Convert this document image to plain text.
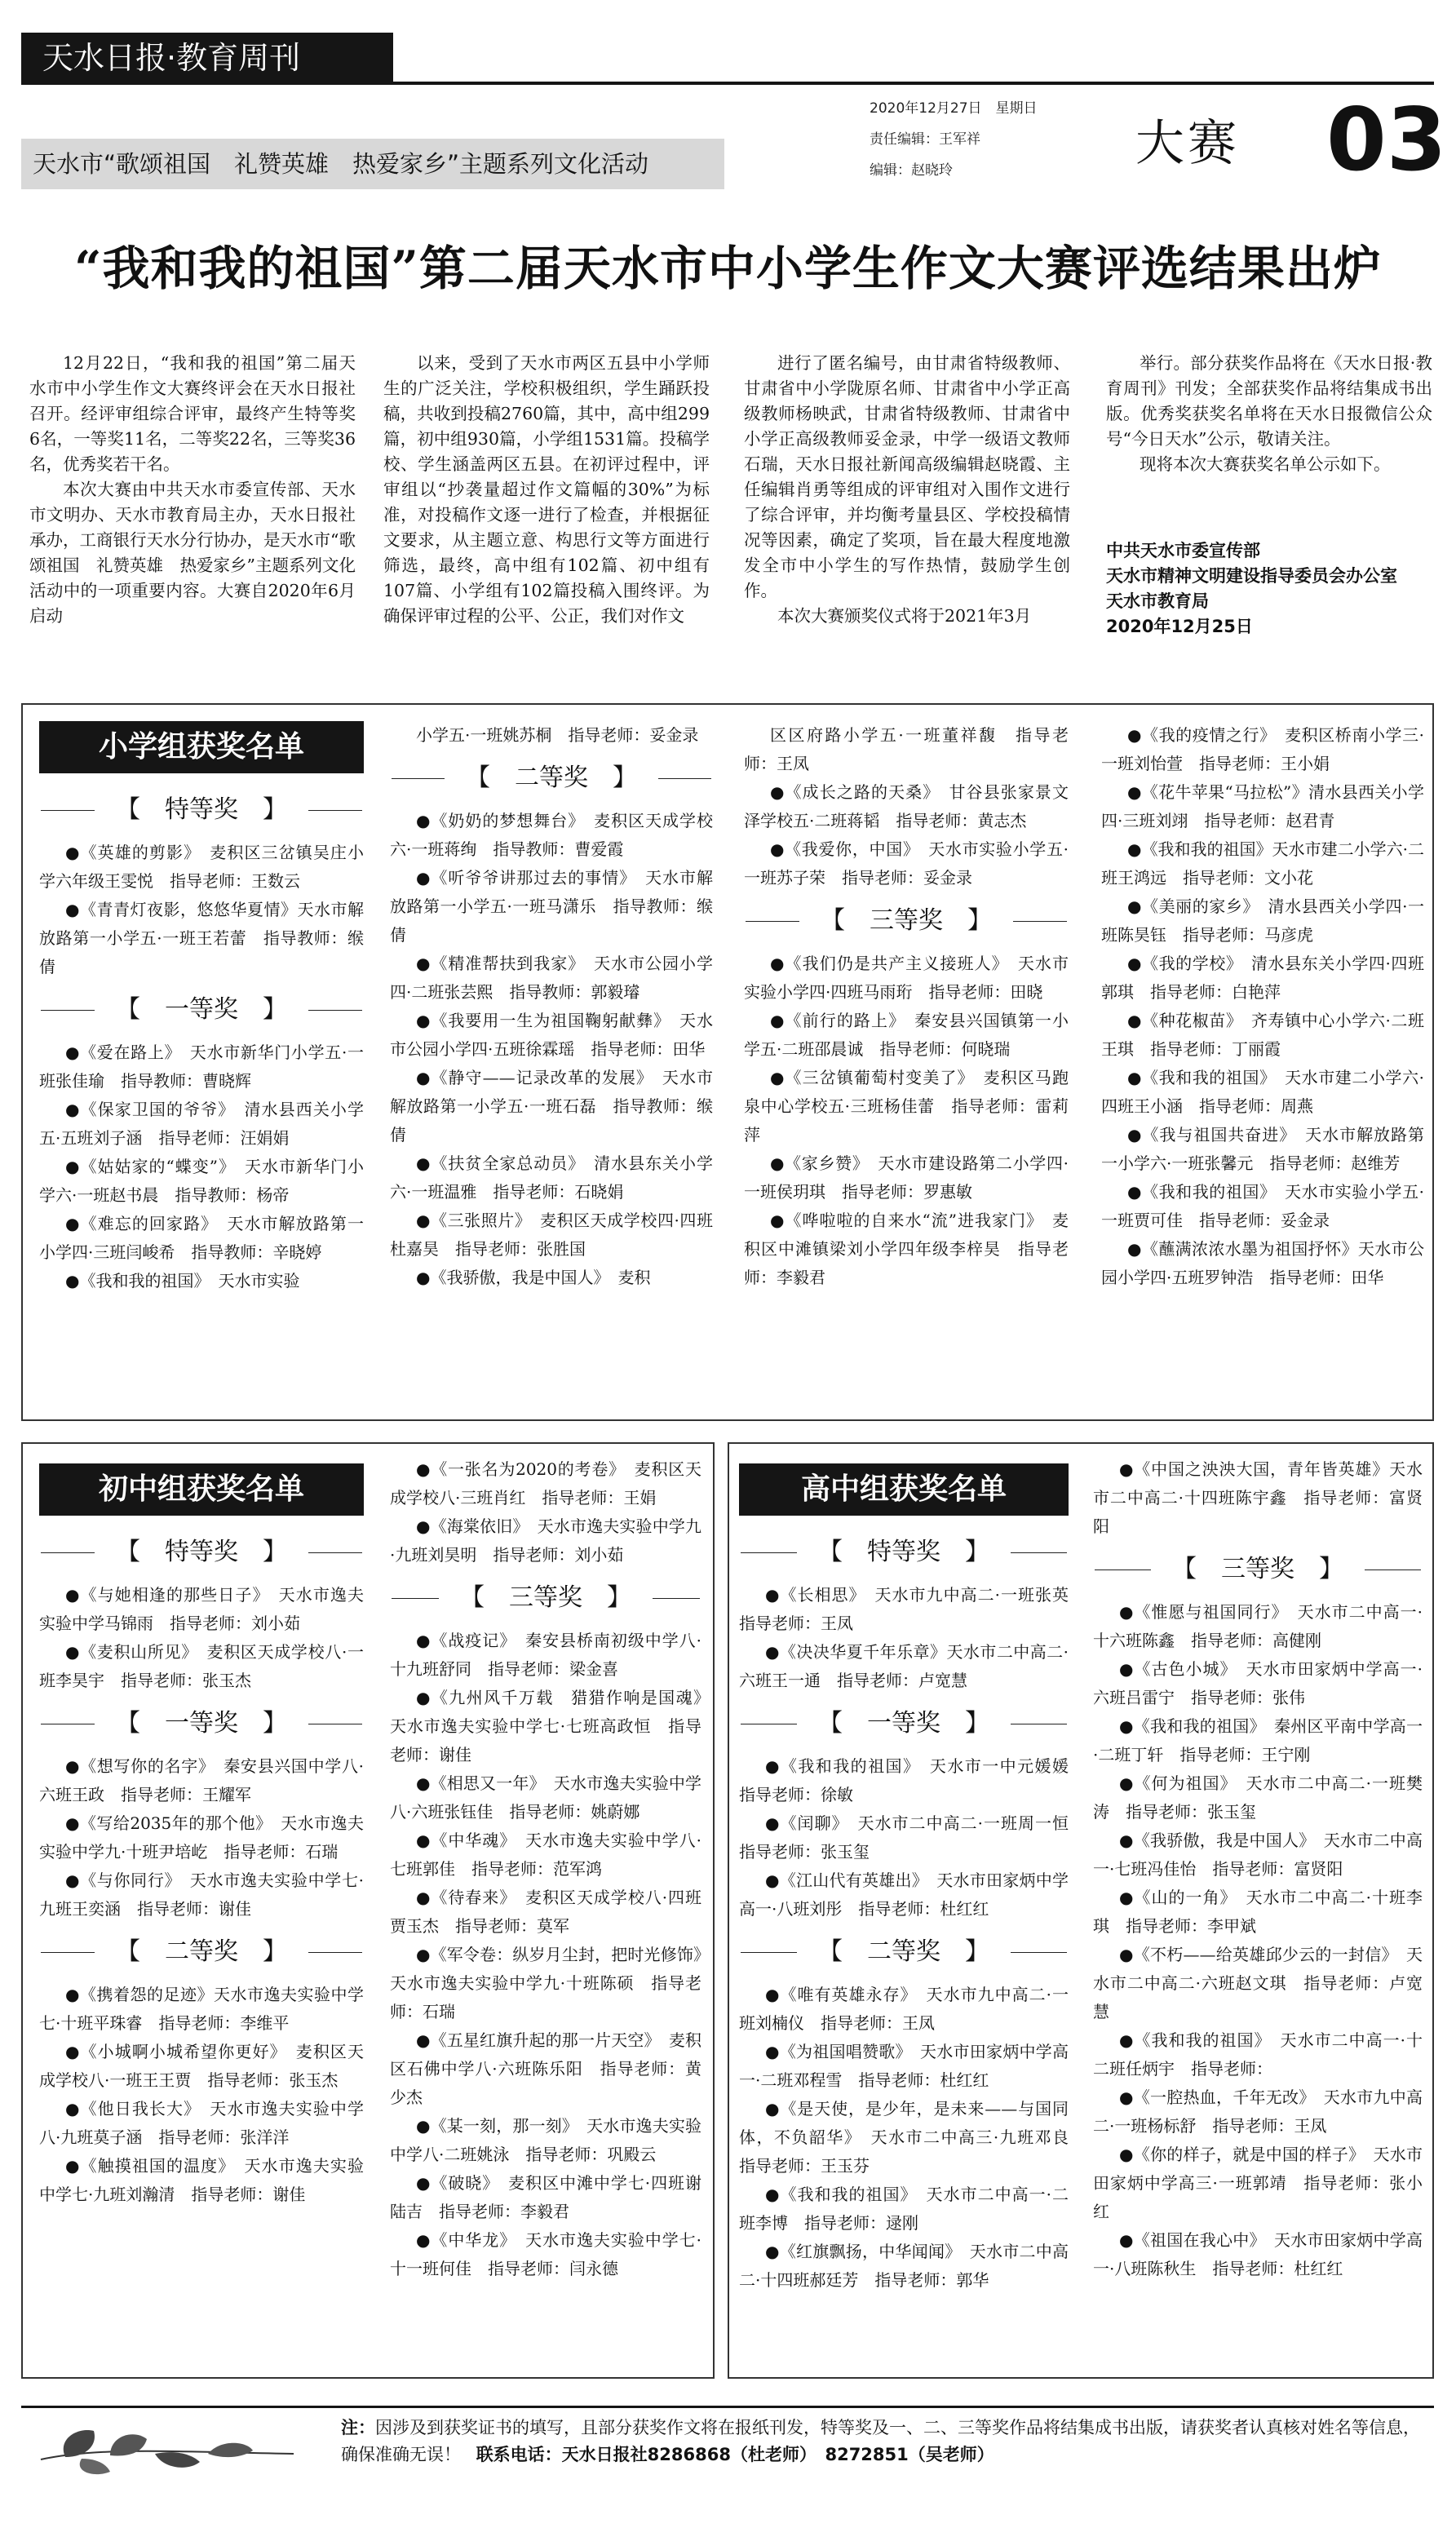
天水日报·教育周刊
天水市“歌颂祖国　礼赞英雄　热爱家乡”主题系列文化活动
2020年12月27日　星期日
责任编辑：王军祥
编辑：赵晓玲	大赛 03
“我和我的祖国”第二届天水市中小学生作文大赛评选结果出炉

12月22日，“我和我的祖国”第二届天水市中小学生作文大赛终评会在天水日报社召开。经评审组综合评审，最终产生特等奖6名，一等奖11名，二等奖22名，三等奖36名，优秀奖若干名。

本次大赛由中共天水市委宣传部、天水市文明办、天水市教育局主办，天水日报社承办，工商银行天水分行协办，是天水市“歌颂祖国　礼赞英雄　热爱家乡”主题系列文化活动中的一项重要内容。大赛自2020年6月启动

以来，受到了天水市两区五县中小学师生的广泛关注，学校积极组织，学生踊跃投稿，共收到投稿2760篇，其中，高中组299篇，初中组930篇，小学组1531篇。投稿学校、学生涵盖两区五县。在初评过程中，评审组以“抄袭量超过作文篇幅的30%”为标准，对投稿作文逐一进行了检查，并根据征文要求，从主题立意、构思行文等方面进行筛选，最终，高中组有102篇、初中组有107篇、小学组有102篇投稿入围终评。为确保评审过程的公平、公正，我们对作文

进行了匿名编号，由甘肃省特级教师、甘肃省中小学陇原名师、甘肃省中小学正高级教师杨映武，甘肃省特级教师、甘肃省中小学正高级教师妥金录，中学一级语文教师石瑞，天水日报社新闻高级编辑赵晓霞、主任编辑肖勇等组成的评审组对入围作文进行了综合评审，并均衡考量县区、学校投稿情况等因素，确定了奖项，旨在最大程度地激发全市中小学生的写作热情，鼓励学生创作。

本次大赛颁奖仪式将于2021年3月

举行。部分获奖作品将在《天水日报·教育周刊》刊发；全部获奖作品将结集成书出版。优秀奖获奖名单将在天水日报微信公众号“今日天水”公示，敬请关注。

现将本次大赛获奖名单公示如下。

中共天水市委宣传部

天水市精神文明建设指导委员会办公室

天水市教育局

2020年12月25日

小学组获奖名单
【　特等奖　】

●《英雄的剪影》　麦积区三岔镇吴庄小学六年级王雯悦　指导老师：王数云

●《青青灯夜影，悠悠华夏情》天水市解放路第一小学五·一班王若蕾　指导教师：缑倩

【　一等奖　】

●《爱在路上》　天水市新华门小学五·一班张佳瑜　指导教师：曹晓辉

●《保家卫国的爷爷》　清水县西关小学五·五班刘子涵　指导老师：汪娟娟

●《姑姑家的“蝶变”》　天水市新华门小学六·一班赵书晨　指导教师：杨帝

●《难忘的回家路》　天水市解放路第一小学四·三班闫峻希　指导教师：辛晓婷

●《我和我的祖国》　天水市实验

小学五·一班姚苏桐　指导老师：妥金录

【　二等奖　】

●《奶奶的梦想舞台》　麦积区天成学校六·一班蒋绚　指导教师：曹爱霞

●《听爷爷讲那过去的事情》　天水市解放路第一小学五·一班马潇乐　指导教师：缑倩

●《精准帮扶到我家》　天水市公园小学四·二班张芸熙　指导教师：郭毅璿

●《我要用一生为祖国鞠躬献彝》　天水市公园小学四·五班徐霖瑶　指导老师：田华

●《静守——记录改革的发展》　天水市解放路第一小学五·一班石磊　指导教师：缑倩

●《扶贫全家总动员》　清水县东关小学六·一班温雅　指导老师：石晓娟

●《三张照片》　麦积区天成学校四·四班杜嘉昊　指导老师：张胜国

●《我骄傲，我是中国人》　麦积

区区府路小学五·一班董祥馥　指导老师：王凤

●《成长之路的天桑》　甘谷县张家景文泽学校五·二班蒋韬　指导老师：黄志杰

●《我爱你，中国》　天水市实验小学五·一班苏子荣　指导老师：妥金录

【　三等奖　】

●《我们仍是共产主义接班人》　天水市实验小学四·四班马雨珩　指导老师：田晓

●《前行的路上》　秦安县兴国镇第一小学五·二班邵晨诚　指导老师：何晓瑞

●《三岔镇葡萄村变美了》　麦积区马跑泉中心学校五·三班杨佳蕾　指导老师：雷莉萍

●《家乡赞》　天水市建设路第二小学四·一班侯玥琪　指导老师：罗惠敏

●《哗啦啦的自来水“流”进我家门》　麦积区中滩镇梁刘小学四年级李梓昊　指导老师：李毅君

●《我的疫情之行》　麦积区桥南小学三·一班刘怡萱　指导老师：王小娟

●《花牛苹果“马拉松”》清水县西关小学四·三班刘翊　指导老师：赵君青

●《我和我的祖国》天水市建二小学六·二班王鸿远　指导老师：文小花

●《美丽的家乡》　清水县西关小学四·一班陈昊钰　指导老师：马彦虎

●《我的学校》　清水县东关小学四·四班郭琪　指导老师：白艳萍

●《种花椒苗》　齐寿镇中心小学六·二班王琪　指导老师：丁丽霞

●《我和我的祖国》　天水市建二小学六·四班王小涵　指导老师：周燕

●《我与祖国共奋进》　天水市解放路第一小学六·一班张馨元　指导老师：赵维芳

●《我和我的祖国》　天水市实验小学五·一班贾可佳　指导老师：妥金录

●《蘸满浓浓水墨为祖国抒怀》天水市公园小学四·五班罗钟浩　指导老师：田华

初中组获奖名单
【　特等奖　】

●《与她相逢的那些日子》　天水市逸夫实验中学马锦雨　指导老师：刘小茹

●《麦积山所见》　麦积区天成学校八·一班李昊宇　指导老师：张玉杰

【　一等奖　】

●《想写你的名字》　秦安县兴国中学八·六班王政　指导老师：王耀军

●《写给2035年的那个他》　天水市逸夫实验中学九·十班尹培屹　指导老师：石瑞

●《与你同行》　天水市逸夫实验中学七·九班王奕涵　指导老师：谢佳

【　二等奖　】

●《携着怨的足迹》天水市逸夫实验中学七·十班平珠睿　指导老师：李维平

●《小城啊小城希望你更好》　麦积区天成学校八·一班王王贾　指导老师：张玉杰

●《他日我长大》　天水市逸夫实验中学八·九班莫子涵　指导老师：张洋洋

●《触摸祖国的温度》　天水市逸夫实验中学七·九班刘瀚清　指导老师：谢佳

●《一张名为2020的考卷》　麦积区天成学校八·三班肖红　指导老师：王娟

●《海棠依旧》　天水市逸夫实验中学九·九班刘昊明　指导老师：刘小茹

【　三等奖　】

●《战疫记》　秦安县桥南初级中学八·十九班舒同　指导老师：梁金喜

●《九州风千万载　猎猎作响是国魂》　天水市逸夫实验中学七·七班高政恒　指导老师：谢佳

●《相思又一年》　天水市逸夫实验中学八·六班张钰佳　指导老师：姚蔚娜

●《中华魂》　天水市逸夫实验中学八·七班郭佳　指导老师：范军鸿

●《待春来》　麦积区天成学校八·四班贾玉杰　指导老师：莫军

●《军令卷：纵岁月尘封，把时光修饰》　天水市逸夫实验中学九·十班陈硕　指导老师：石瑞

●《五星红旗升起的那一片天空》　麦积区石佛中学八·六班陈乐阳　指导老师：黄少杰

●《某一刻，那一刻》　天水市逸夫实验中学八·二班姚泳　指导老师：巩殿云

●《破晓》　麦积区中滩中学七·四班谢陆吉　指导老师：李毅君

●《中华龙》　天水市逸夫实验中学七·十一班何佳　指导老师：闫永德

高中组获奖名单
【　特等奖　】

●《长相思》　天水市九中高二·一班张英　指导老师：王凤

●《决决华夏千年乐章》天水市二中高二·六班王一通　指导老师：卢宽慧

【　一等奖　】

●《我和我的祖国》　天水市一中元媛媛　指导老师：徐敏

●《闰聊》　天水市二中高二·一班周一恒　指导老师：张玉玺

●《江山代有英雄出》　天水市田家炳中学高一·八班刘彤　指导老师：杜红红

【　二等奖　】

●《唯有英雄永存》　天水市九中高二·一班刘楠仪　指导老师：王凤

●《为祖国唱赞歌》　天水市田家炳中学高一·二班邓程雪　指导老师：杜红红

●《是天使，是少年，是未来——与国同体，不负韶华》　天水市二中高三·九班邓良　指导老师：王玉芬

●《我和我的祖国》　天水市二中高一·二班李博　指导老师：逯刚

●《红旗飘扬，中华闻闻》　天水市二中高二·十四班郝廷芳　指导老师：郭华

●《中国之泱泱大国，青年皆英雄》天水市二中高二·十四班陈宇鑫　指导老师：富贤阳

【　三等奖　】

●《惟愿与祖国同行》　天水市二中高一·十六班陈鑫　指导老师：高健刚

●《古色小城》　天水市田家炳中学高一·六班吕雷宁　指导老师：张伟

●《我和我的祖国》　秦州区平南中学高一·二班丁轩　指导老师：王宁刚

●《何为祖国》　天水市二中高二·一班樊涛　指导老师：张玉玺

●《我骄傲，我是中国人》　天水市二中高一·七班冯佳怡　指导老师：富贤阳

●《山的一角》　天水市二中高二·十班李琪　指导老师：李甲斌

●《不朽——给英雄邱少云的一封信》　天水市二中高二·六班赵文琪　指导老师：卢宽慧

●《我和我的祖国》　天水市二中高一·十二班任炳宇　指导老师：

●《一腔热血，千年无改》　天水市九中高二·一班杨标舒　指导老师：王凤

●《你的样子，就是中国的样子》　天水市田家炳中学高三·一班郭靖　指导老师：张小红

●《祖国在我心中》　天水市田家炳中学高一·八班陈秋生　指导老师：杜红红

注：因涉及到获奖证书的填写，且部分获奖作文将在报纸刊发，特等奖及一、二、三等奖作品将结集成书出版，请获奖者认真核对姓名等信息，确保准确无误！ 联系电话：天水日报社8286868（杜老师）　8272851（吴老师）
